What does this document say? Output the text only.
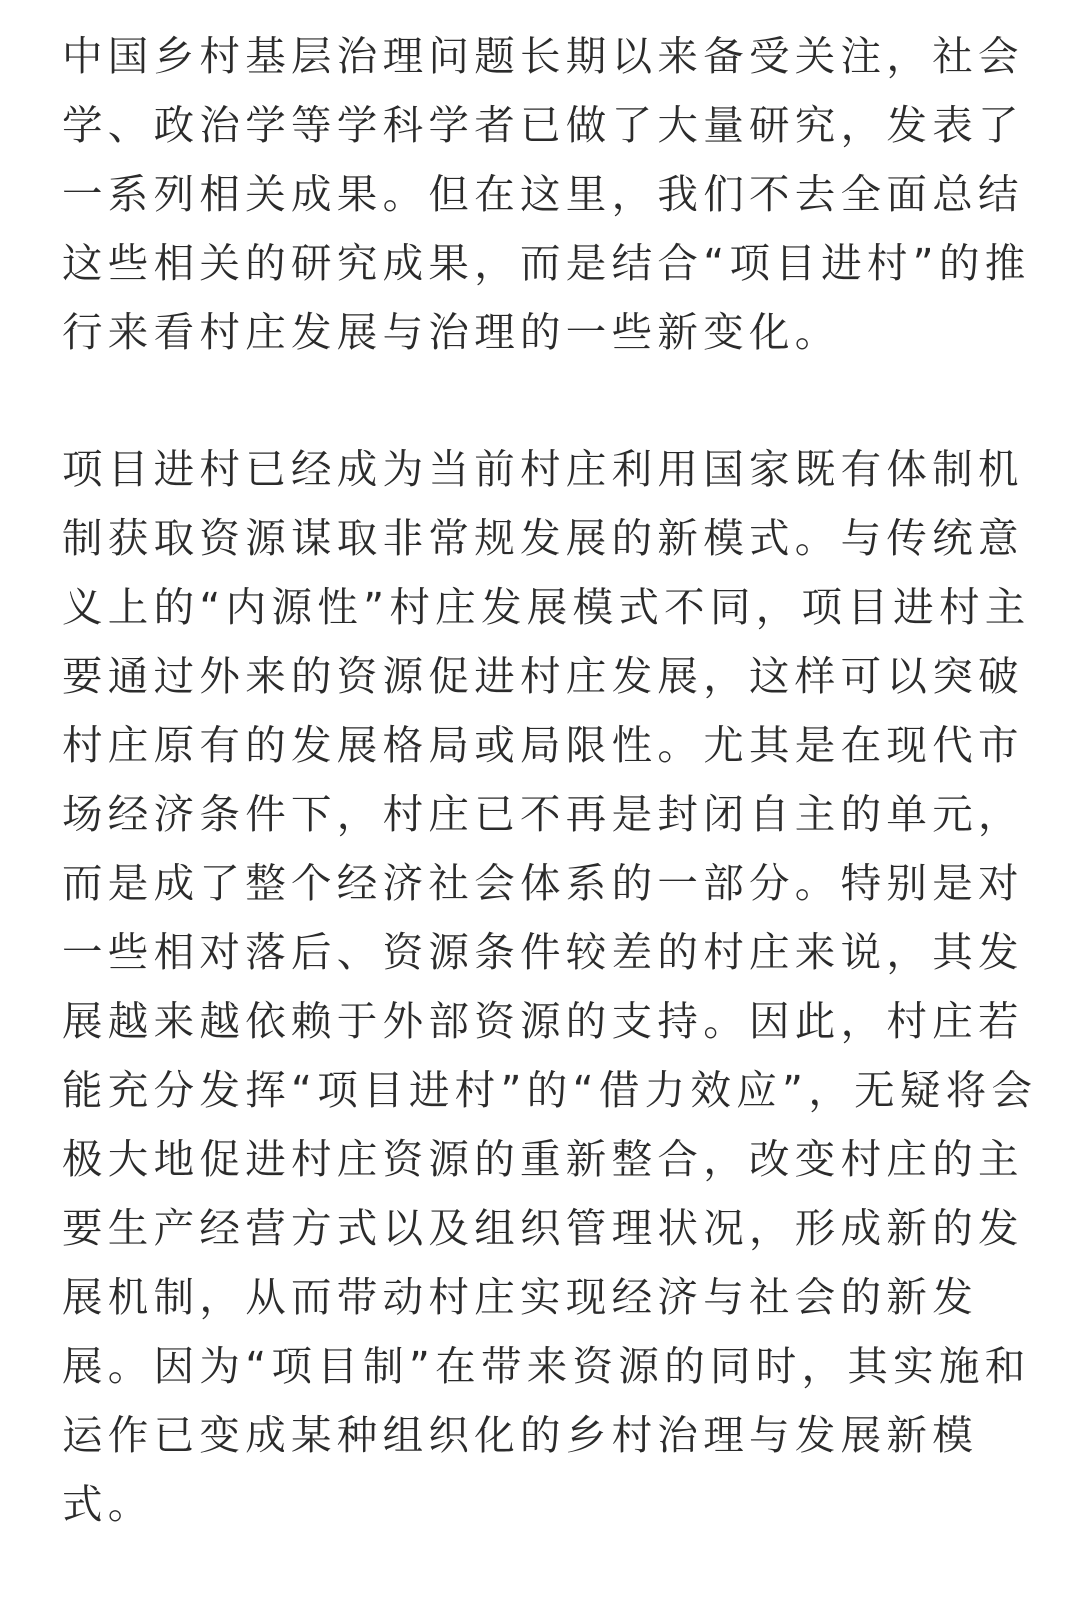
中国乡村基层治理问题长期以来备受关注，社会
学、政治学等学科学者已做了大量研究，发表了
一系列相关成果。但在这里，我们不去全面总结
这些相关的研究成果，而是结合“项目进村”的推
行来看村庄发展与治理的一些新变化。
项目进村已经成为当前村庄利用国家既有体制机
制获取资源谋取非常规发展的新模式。与传统意
义上的“内源性”村庄发展模式不同，项目进村主
要通过外来的资源促进村庄发展，这样可以突破
村庄原有的发展格局或局限性。尤其是在现代市
场经济条件下，村庄已不再是封闭自主的单元，
而是成了整个经济社会体系的一部分。特别是对
一些相对落后、资源条件较差的村庄来说，其发
展越来越依赖于外部资源的支持。因此，村庄若
能充分发挥“项目进村”的“借力效应”，无疑将会
极大地促进村庄资源的重新整合，改变村庄的主
要生产经营方式以及组织管理状况，形成新的发
展机制，从而带动村庄实现经济与社会的新发
展。因为“项目制”在带来资源的同时，其实施和
运作已变成某种组织化的乡村治理与发展新模
式。
